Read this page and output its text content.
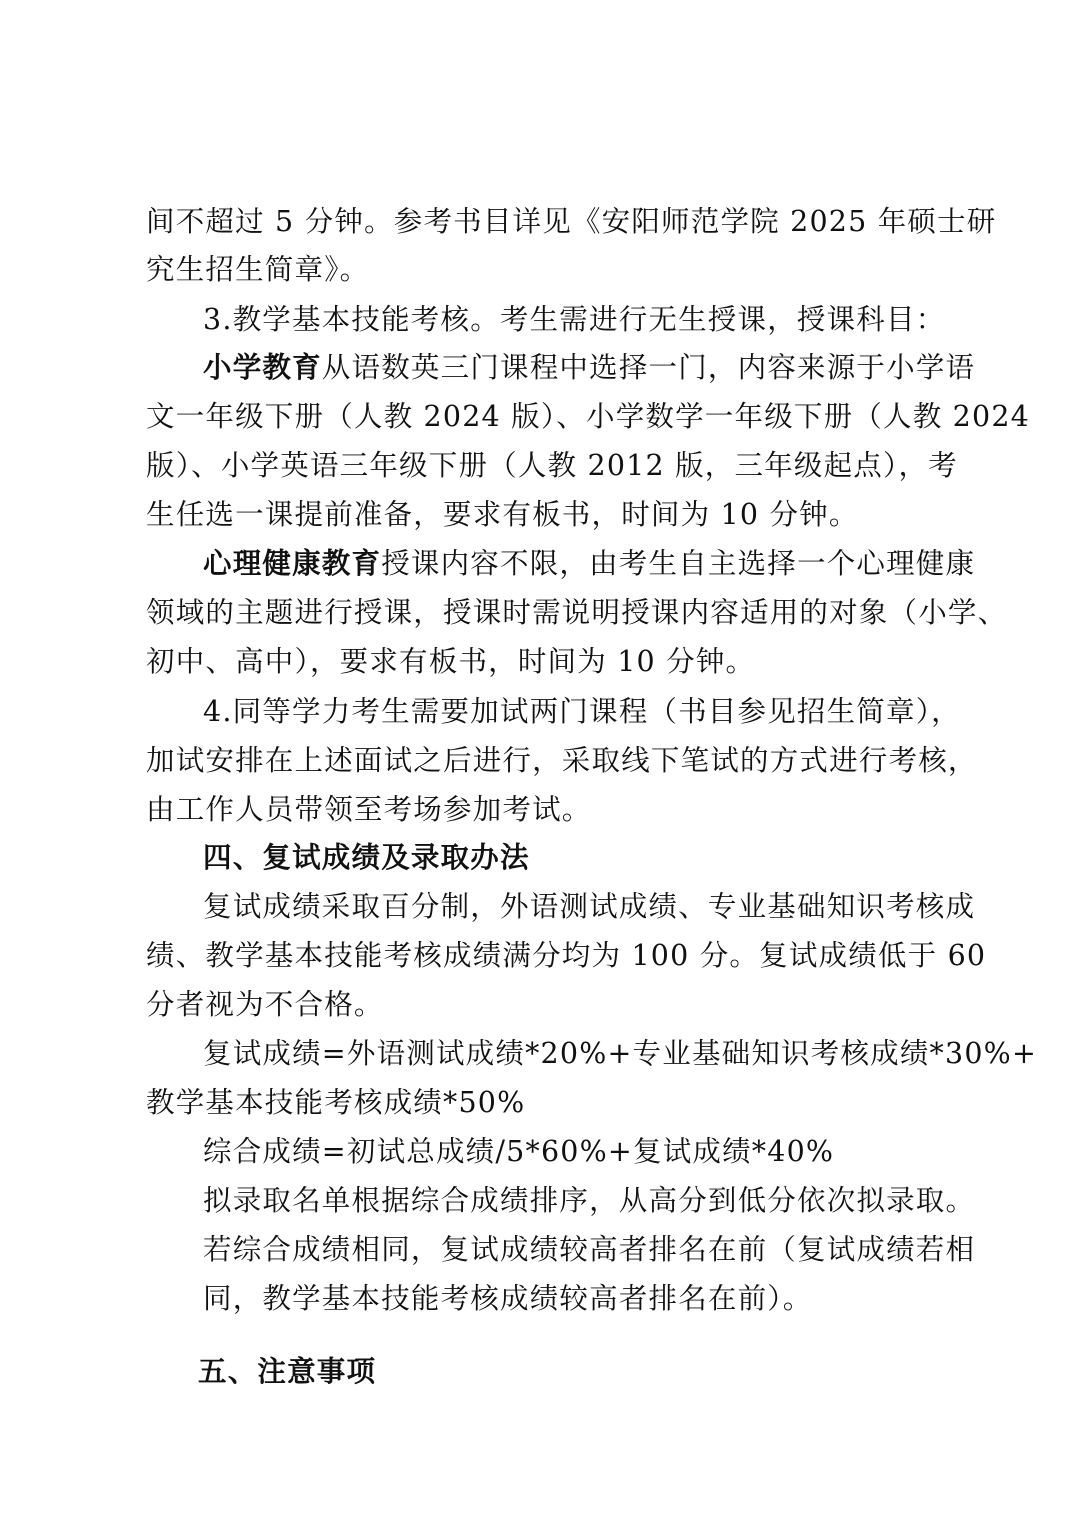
间不超过 5 分钟。参考书目详见《安阳师范学院 2025 年硕士研
究生招生简章》。
3.教学基本技能考核。考生需进行无生授课，授课科目：
小学教育从语数英三门课程中选择一门，内容来源于小学语
文一年级下册（人教 2024 版）、小学数学一年级下册（人教 2024
版）、小学英语三年级下册（人教 2012 版，三年级起点），考
生任选一课提前准备，要求有板书，时间为 10 分钟。
心理健康教育授课内容不限，由考生自主选择一个心理健康
领域的主题进行授课，授课时需说明授课内容适用的对象（小学、
初中、高中），要求有板书，时间为 10 分钟。
4.同等学力考生需要加试两门课程（书目参见招生简章），
加试安排在上述面试之后进行，采取线下笔试的方式进行考核，
由工作人员带领至考场参加考试。
四、复试成绩及录取办法
复试成绩采取百分制，外语测试成绩、专业基础知识考核成
绩、教学基本技能考核成绩满分均为 100 分。复试成绩低于 60
分者视为不合格。
复试成绩=外语测试成绩*20%+专业基础知识考核成绩*30%+
教学基本技能考核成绩*50%
综合成绩=初试总成绩/5*60%+复试成绩*40%
拟录取名单根据综合成绩排序，从高分到低分依次拟录取。
若综合成绩相同，复试成绩较高者排名在前（复试成绩若相
同，教学基本技能考核成绩较高者排名在前）。
五、注意事项
